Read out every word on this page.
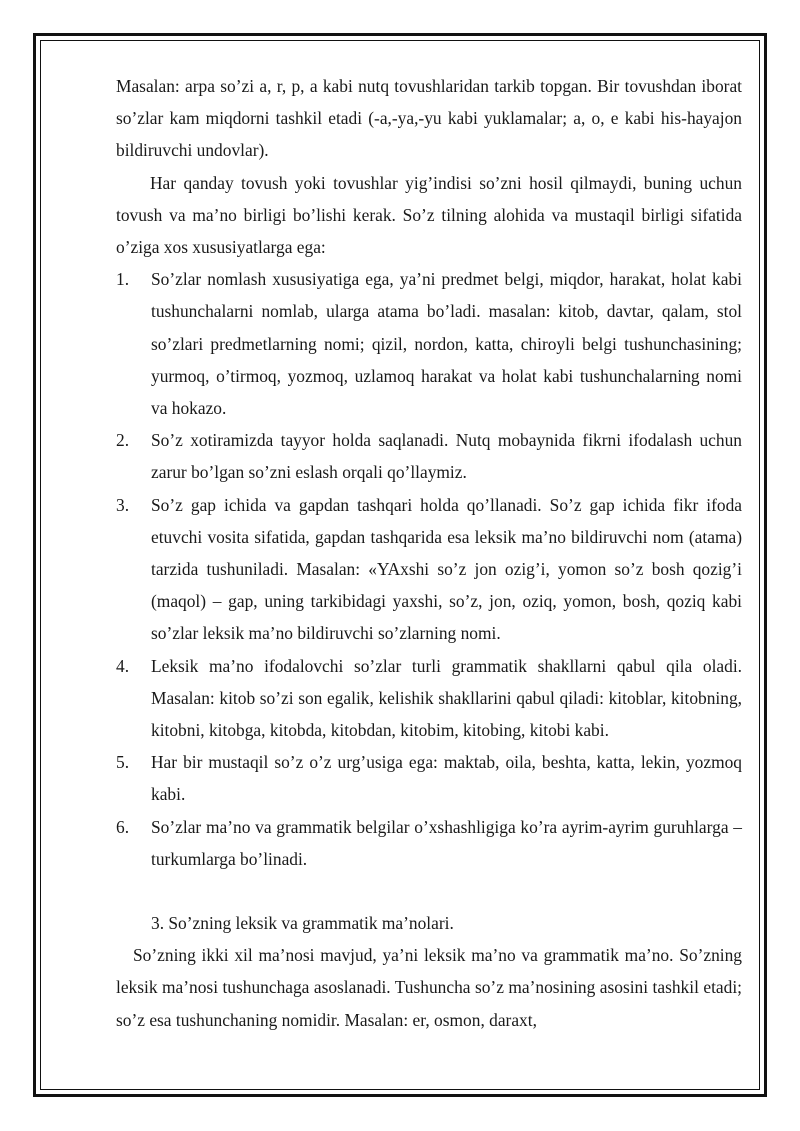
Masalan: arpa so’zi a, r, p, a kabi nutq tovushlaridan tarkib topgan. Bir tovushdan iborat so’zlar kam miqdorni tashkil etadi (-a,-ya,-yu kabi yuklamalar; a, o, e kabi his-hayajon bildiruvchi undovlar).

Har qanday tovush yoki tovushlar yig’indisi so’zni hosil qilmaydi, buning uchun tovush va ma’no birligi bo’lishi kerak. So’z tilning alohida va mustaqil birligi sifatida o’ziga xos xususiyatlarga ega:

1. So’zlar nomlash xususiyatiga ega, ya’ni predmet belgi, miqdor, harakat, holat kabi tushunchalarni nomlab, ularga atama bo’ladi. masalan: kitob, davtar, qalam, stol so’zlari predmetlarning nomi; qizil, nordon, katta, chiroyli belgi tushunchasining; yurmoq, o’tirmoq, yozmoq, uzlamoq harakat va holat kabi tushunchalarning nomi va hokazo.
2. So’z xotiramizda tayyor holda saqlanadi. Nutq mobaynida fikrni ifodalash uchun zarur bo’lgan so’zni eslash orqali qo’llaymiz.
3. So’z gap ichida va gapdan tashqari holda qo’llanadi. So’z gap ichida fikr ifoda etuvchi vosita sifatida, gapdan tashqarida esa leksik ma’no bildiruvchi nom (atama) tarzida tushuniladi. Masalan: «YAxshi so’z jon ozig’i, yomon so’z bosh qozig’i (maqol) – gap, uning tarkibidagi yaxshi, so’z, jon, oziq, yomon, bosh, qoziq kabi so’zlar leksik ma’no bildiruvchi so’zlarning nomi.
4. Leksik ma’no ifodalovchi so’zlar turli grammatik shakllarni qabul qila oladi. Masalan: kitob so’zi son egalik, kelishik shakllarini qabul qiladi: kitoblar, kitobning, kitobni, kitobga, kitobda, kitobdan, kitobim, kitobing, kitobi kabi.
5. Har bir mustaqil so’z o’z urg’usiga ega: maktab, oila, beshta, katta, lekin, yozmoq kabi.
6. So’zlar ma’no va grammatik belgilar o’xshashligiga ko’ra ayrim-ayrim guruhlarga –turkumlarga bo’linadi.
3. So’zning leksik va grammatik ma’nolari.

So’zning ikki xil ma’nosi mavjud, ya’ni leksik ma’no va grammatik ma’no. So’zning leksik ma’nosi tushunchaga asoslanadi. Tushuncha so’z ma’nosining asosini tashkil etadi; so’z esa tushunchaning nomidir. Masalan: er, osmon, daraxt,
